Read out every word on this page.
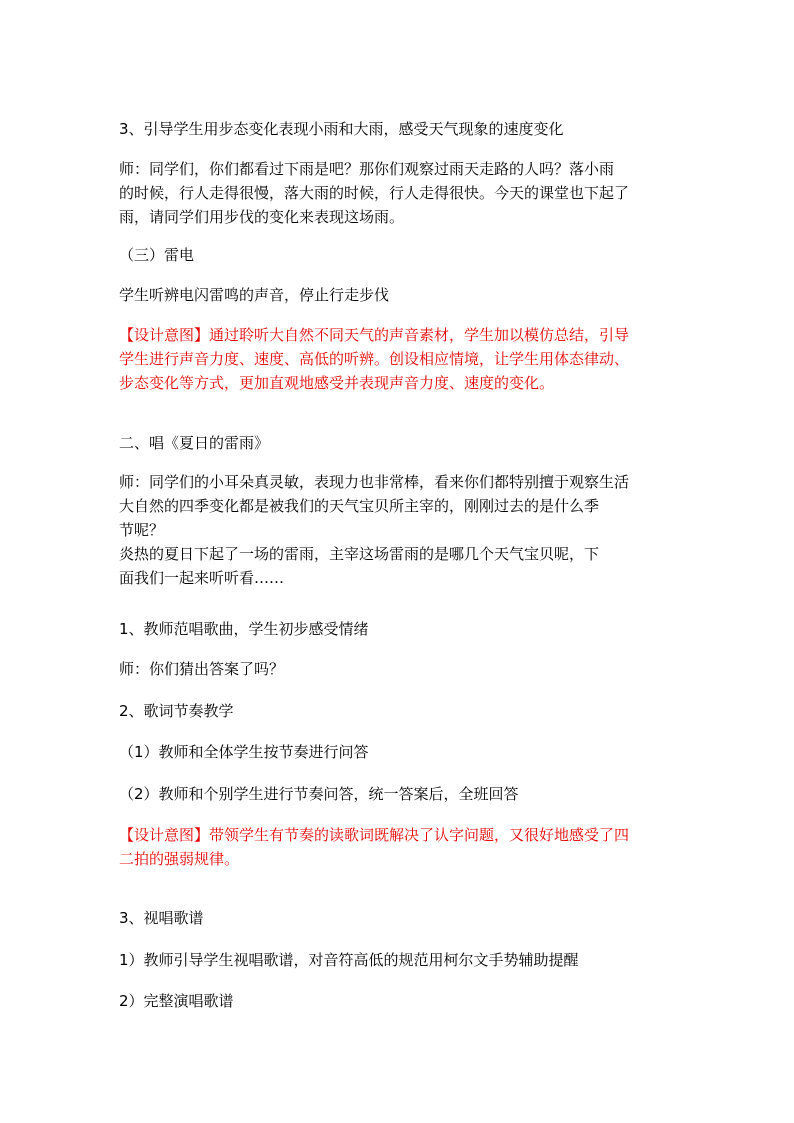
3、引导学生用步态变化表现小雨和大雨，感受天气现象的速度变化
师：同学们，你们都看过下雨是吧？那你们观察过雨天走路的人吗？落小雨
的时候，行人走得很慢，落大雨的时候，行人走得很快。今天的课堂也下起了
雨，请同学们用步伐的变化来表现这场雨。
（三）雷电
学生听辨电闪雷鸣的声音，停止行走步伐
【设计意图】通过聆听大自然不同天气的声音素材，学生加以模仿总结，引导
学生进行声音力度、速度、高低的听辨。创设相应情境，让学生用体态律动、
步态变化等方式，更加直观地感受并表现声音力度、速度的变化。
二、唱《夏日的雷雨》
师：同学们的小耳朵真灵敏，表现力也非常棒，看来你们都特别擅于观察生活
大自然的四季变化都是被我们的天气宝贝所主宰的，刚刚过去的是什么季
节呢？
炎热的夏日下起了一场的雷雨，主宰这场雷雨的是哪几个天气宝贝呢，下
面我们一起来听听看……
1、教师范唱歌曲，学生初步感受情绪
师：你们猜出答案了吗？
2、歌词节奏教学
（1）教师和全体学生按节奏进行问答
（2）教师和个别学生进行节奏问答，统一答案后，全班回答
【设计意图】带领学生有节奏的读歌词既解决了认字问题，又很好地感受了四
二拍的强弱规律。
3、视唱歌谱
1）教师引导学生视唱歌谱，对音符高低的规范用柯尔文手势辅助提醒
2）完整演唱歌谱
